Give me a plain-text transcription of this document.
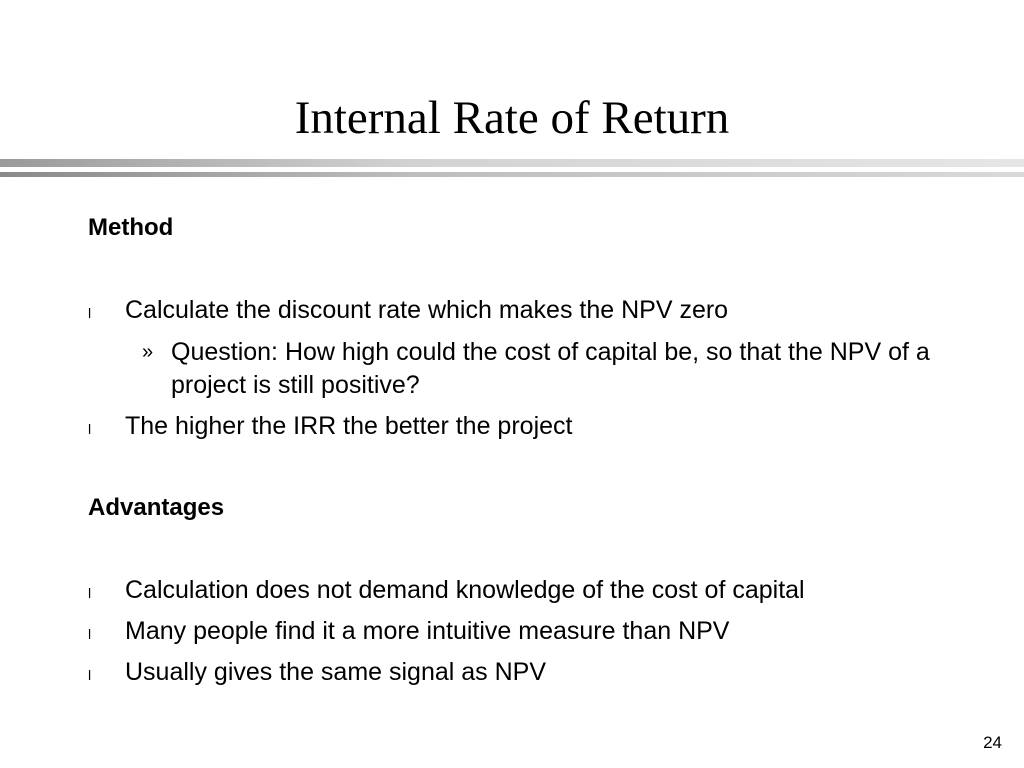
Internal Rate of Return
Method
l Calculate the discount rate which makes the NPV zero
» Question: How high could the cost of capital be, so that the NPV of a project is still positive?
l The higher the IRR the better the project
Advantages
l Calculation does not demand knowledge of the cost of capital
l Many people find it a more intuitive measure than NPV
l Usually gives the same signal as NPV
24
